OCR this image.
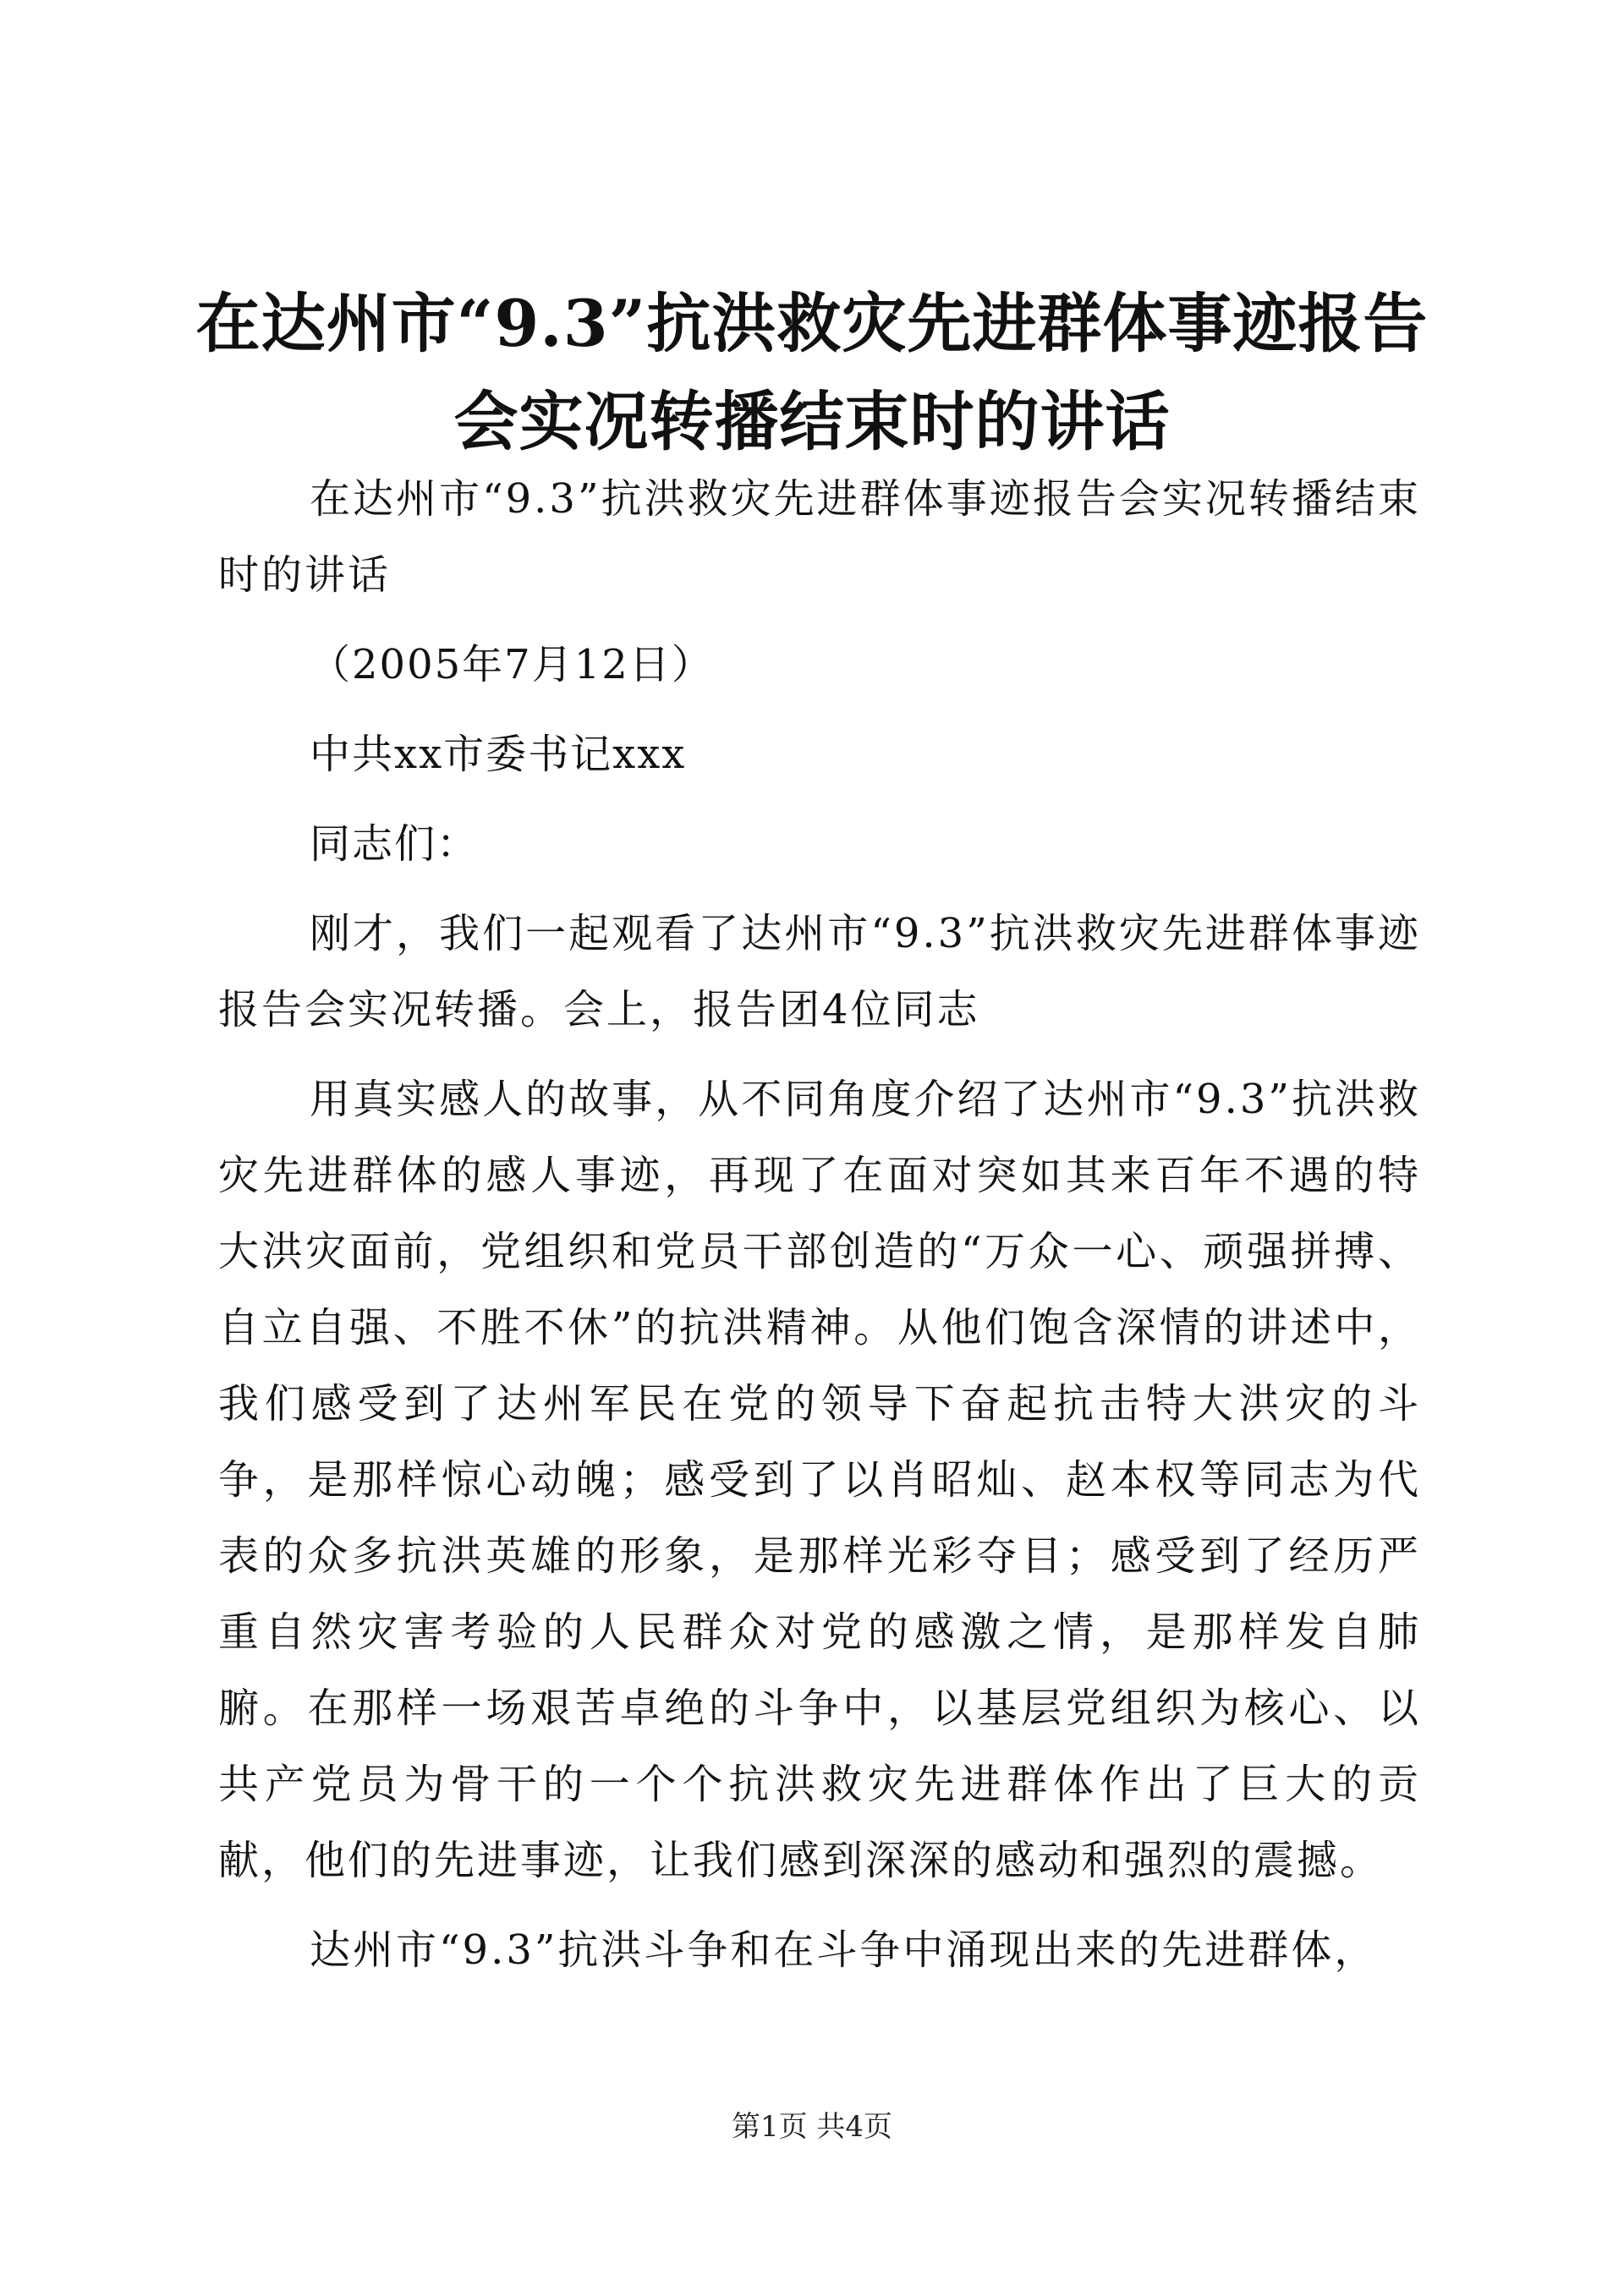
在达州市“9.3”抗洪救灾先进群体事迹报告会实况转播结束时的讲话

在达州市“9.3”抗洪救灾先进群体事迹报告会实况转播结束时的讲话

（2005年7月12日）

中共xx市委书记xxx

同志们：

刚才，我们一起观看了达州市“9.3”抗洪救灾先进群体事迹报告会实况转播。会上，报告团4位同志

用真实感人的故事，从不同角度介绍了达州市“9.3”抗洪救灾先进群体的感人事迹，再现了在面对突如其来百年不遇的特大洪灾面前，党组织和党员干部创造的“万众一心、顽强拼搏、自立自强、不胜不休”的抗洪精神。从他们饱含深情的讲述中，我们感受到了达州军民在党的领导下奋起抗击特大洪灾的斗争，是那样惊心动魄；感受到了以肖昭灿、赵本权等同志为代表的众多抗洪英雄的形象，是那样光彩夺目；感受到了经历严重自然灾害考验的人民群众对党的感激之情，是那样发自肺腑。在那样一场艰苦卓绝的斗争中，以基层党组织为核心、以共产党员为骨干的一个个抗洪救灾先进群体作出了巨大的贡献，他们的先进事迹，让我们感到深深的感动和强烈的震撼。

达州市“9.3”抗洪斗争和在斗争中涌现出来的先进群体，

第1页 共4页
